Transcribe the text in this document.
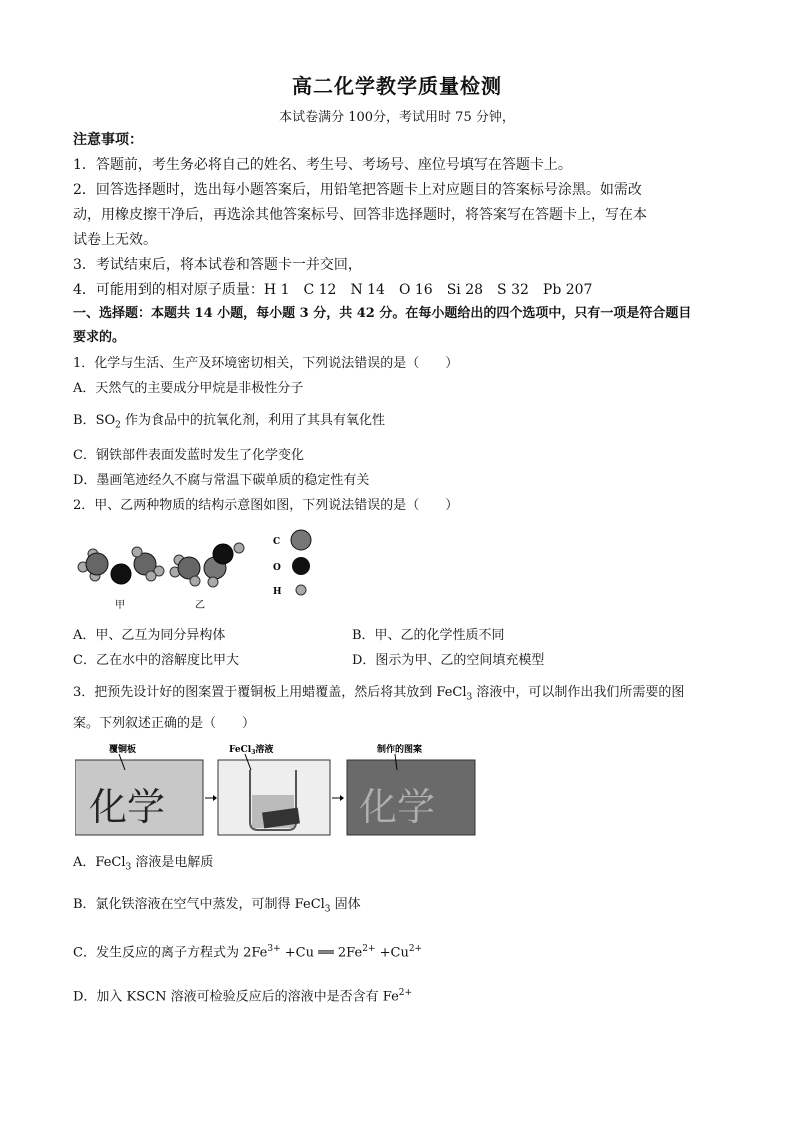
高二化学教学质量检测
本试卷满分 100分，考试用时 75 分钟，
注意事项：
1．答题前，考生务必将自己的姓名、考生号、考场号、座位号填写在答题卡上。
2．回答选择题时，选出每小题答案后，用铅笔把答题卡上对应题目的答案标号涂黑。如需改
动，用橡皮擦干净后，再选涂其他答案标号、回答非选择题时，将答案写在答题卡上，写在本
试卷上无效。
3．考试结束后，将本试卷和答题卡一并交回，
4．可能用到的相对原子质量：H 1　C 12　N 14　O 16　Si 28　S 32　Pb 207
一、选择题：本题共 14 小题，每小题 3 分，共 42 分。在每小题给出的四个选项中，只有一项是符合题目
要求的。
1．化学与生活、生产及环境密切相关，下列说法错误的是（　　）
A．天然气的主要成分甲烷是非极性分子
B．$SO_2$ 作为食品中的抗氧化剂，利用了其具有氧化性
C．钢铁部件表面发蓝时发生了化学变化
D．墨画笔迹经久不腐与常温下碳单质的稳定性有关
2．甲、乙两种物质的结构示意图如图，下列说法错误的是（　　）
甲	乙
C
O
H
A．甲、乙互为同分异构体	B．甲、乙的化学性质不同
C．乙在水中的溶解度比甲大	D．图示为甲、乙的空间填充模型
3．把预先设计好的图案置于覆铜板上用蜡覆盖，然后将其放到 FeCl$_3$ 溶液中，可以制作出我们所需要的图
案。下列叙述正确的是（　　）
覆铜板
化学
FeCl$_3$溶液	制作的图案
化学
A．FeCl$_3$ 溶液是电解质
B．氯化铁溶液在空气中蒸发，可制得 FeCl$_3$ 固体
C．发生反应的离子方程式为 $2Fe^{3+} +Cu$ ══ $2Fe^{2+} +Cu^{2+}$
D．加入 KSCN 溶液可检验反应后的溶液中是否含有 $Fe^{2+}$
